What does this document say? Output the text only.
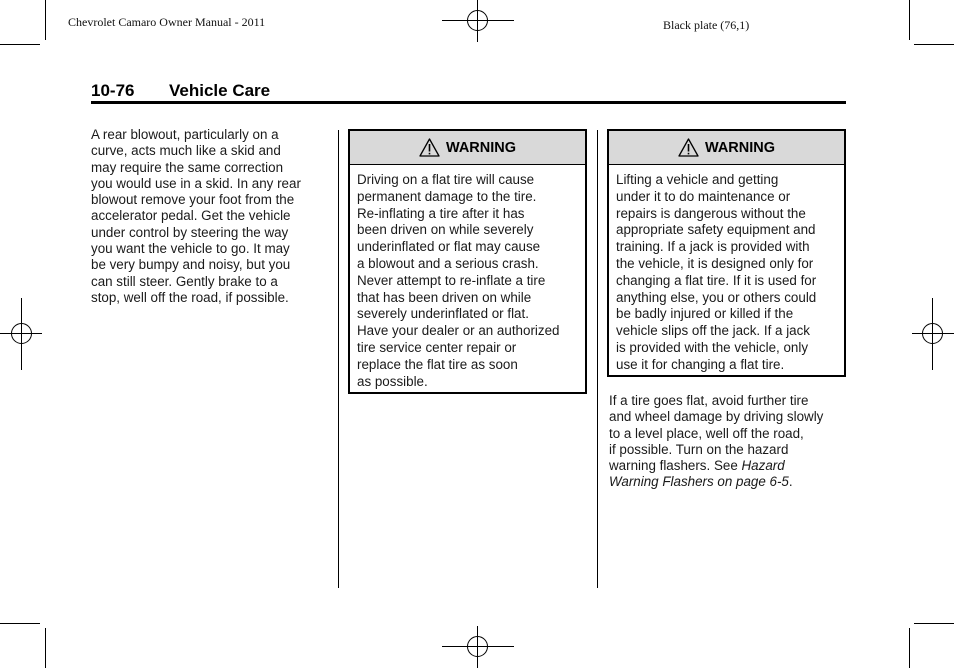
Chevrolet Camaro Owner Manual - 2011	Black plate (76,1)
10-76 Vehicle Care
A rear blowout, particularly on a
curve, acts much like a skid and
may require the same correction
you would use in a skid. In any rear
blowout remove your foot from the
accelerator pedal. Get the vehicle
under control by steering the way
you want the vehicle to go. It may
be very bumpy and noisy, but you
can still steer. Gently brake to a
stop, well off the road, if possible.
WARNING
Driving on a flat tire will cause
permanent damage to the tire.
Re-inflating a tire after it has
been driven on while severely
underinflated or flat may cause
a blowout and a serious crash.
Never attempt to re-inflate a tire
that has been driven on while
severely underinflated or flat.
Have your dealer or an authorized
tire service center repair or
replace the flat tire as soon
as possible.
WARNING
Lifting a vehicle and getting
under it to do maintenance or
repairs is dangerous without the
appropriate safety equipment and
training. If a jack is provided with
the vehicle, it is designed only for
changing a flat tire. If it is used for
anything else, you or others could
be badly injured or killed if the
vehicle slips off the jack. If a jack
is provided with the vehicle, only
use it for changing a flat tire.
If a tire goes flat, avoid further tire
and wheel damage by driving slowly
to a level place, well off the road,
if possible. Turn on the hazard
warning flashers. See Hazard
Warning Flashers on page 6-5.
